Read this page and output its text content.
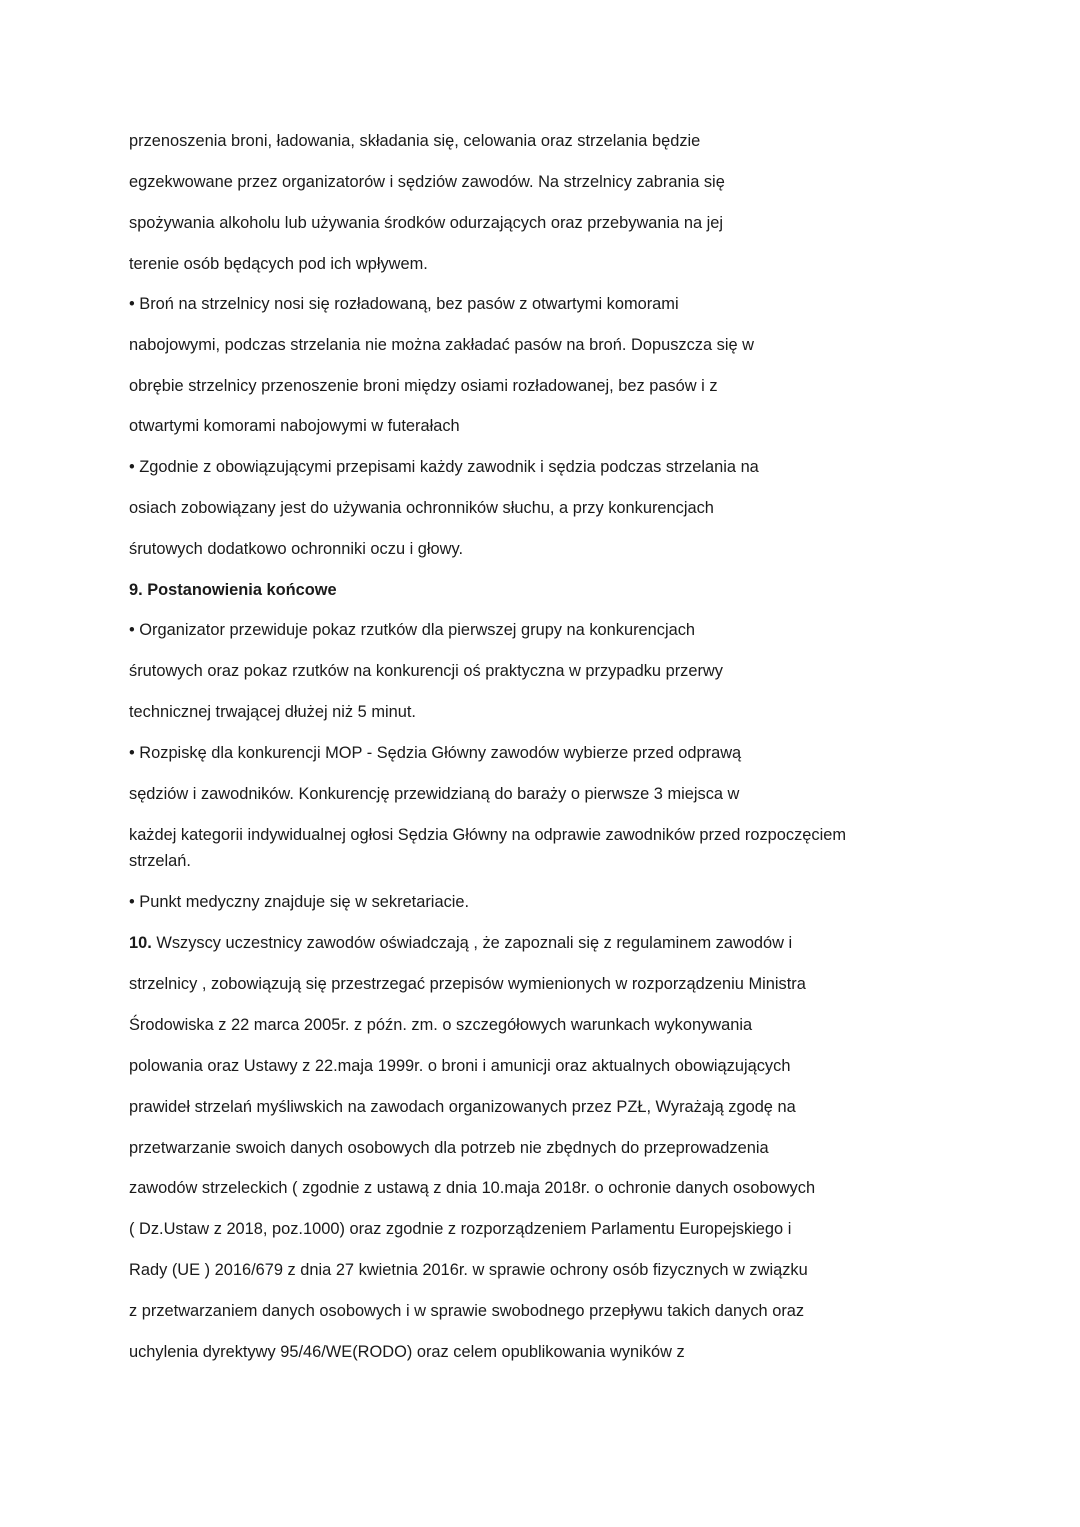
przenoszenia broni, ładowania, składania się, celowania oraz strzelania będzie

egzekwowane przez organizatorów i sędziów zawodów. Na strzelnicy zabrania się

spożywania alkoholu lub używania środków odurzających oraz przebywania na jej

terenie osób będących pod ich wpływem.

• Broń na strzelnicy nosi się rozładowaną, bez pasów z otwartymi komorami

nabojowymi, podczas strzelania nie można zakładać pasów na broń. Dopuszcza się w

obrębie strzelnicy przenoszenie broni między osiami rozładowanej, bez pasów i z

otwartymi komorami nabojowymi w futerałach

• Zgodnie z obowiązującymi przepisami każdy zawodnik i sędzia podczas strzelania na

osiach zobowiązany jest do używania ochronników słuchu, a przy konkurencjach

śrutowych dodatkowo ochronniki oczu i głowy.

9. Postanowienia końcowe

• Organizator przewiduje pokaz rzutków dla pierwszej grupy na konkurencjach

śrutowych oraz pokaz rzutków na konkurencji oś praktyczna w przypadku przerwy

technicznej trwającej dłużej niż 5 minut.

• Rozpiskę dla konkurencji MOP - Sędzia Główny zawodów wybierze przed odprawą

sędziów i zawodników. Konkurencję przewidzianą do baraży o pierwsze 3 miejsca w

każdej kategorii indywidualnej ogłosi Sędzia Główny na odprawie zawodników przed rozpoczęciem

strzelań.

• Punkt medyczny znajduje się w sekretariacie.

10. Wszyscy uczestnicy zawodów oświadczają , że zapoznali się z regulaminem zawodów i

strzelnicy , zobowiązują się przestrzegać przepisów wymienionych w rozporządzeniu Ministra

Środowiska z 22 marca 2005r. z późn. zm. o szczegółowych warunkach wykonywania

polowania oraz Ustawy z 22.maja 1999r. o broni i amunicji oraz aktualnych obowiązujących

prawideł strzelań myśliwskich na zawodach organizowanych przez PZŁ, Wyrażają zgodę na

przetwarzanie swoich danych osobowych dla potrzeb nie zbędnych do przeprowadzenia

zawodów strzeleckich ( zgodnie z ustawą z dnia 10.maja 2018r. o ochronie danych osobowych

( Dz.Ustaw z 2018, poz.1000) oraz zgodnie z rozporządzeniem Parlamentu Europejskiego i

Rady (UE ) 2016/679 z dnia 27 kwietnia 2016r. w sprawie ochrony osób fizycznych w związku

z przetwarzaniem danych osobowych i w sprawie swobodnego przepływu takich danych oraz

uchylenia dyrektywy 95/46/WE(RODO) oraz celem opublikowania wyników z
